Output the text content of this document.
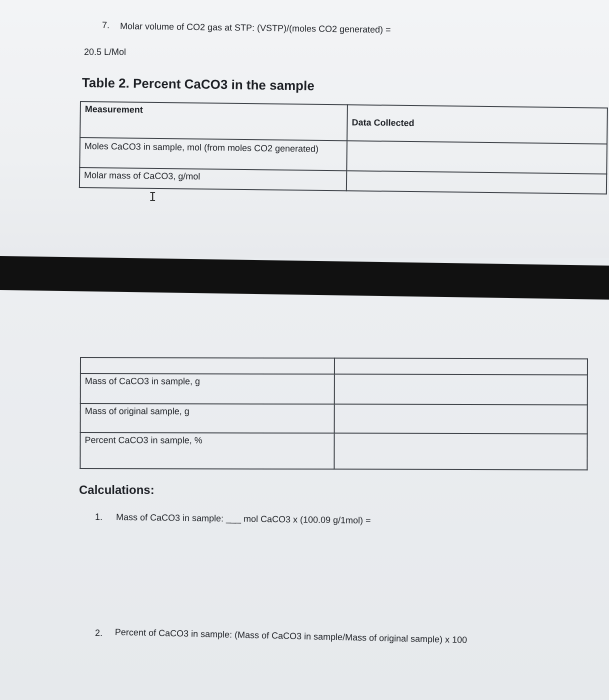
7. Molar volume of CO2 gas at STP: (VSTP)/(moles CO2 generated) =
20.5 L/Mol
Table 2. Percent CaCO3 in the sample
Measurement	Data Collected
Moles CaCO3 in sample, mol (from moles CO2 generated)	
Molar mass of CaCO3, g/mol	
I

Mass of CaCO3 in sample, g	
Mass of original sample, g	
Percent CaCO3 in sample, %	
Calculations:
1. Mass of CaCO3 in sample: ___ mol CaCO3 x (100.09 g/1mol) =
2. Percent of CaCO3 in sample: (Mass of CaCO3 in sample/Mass of original sample) x 100
